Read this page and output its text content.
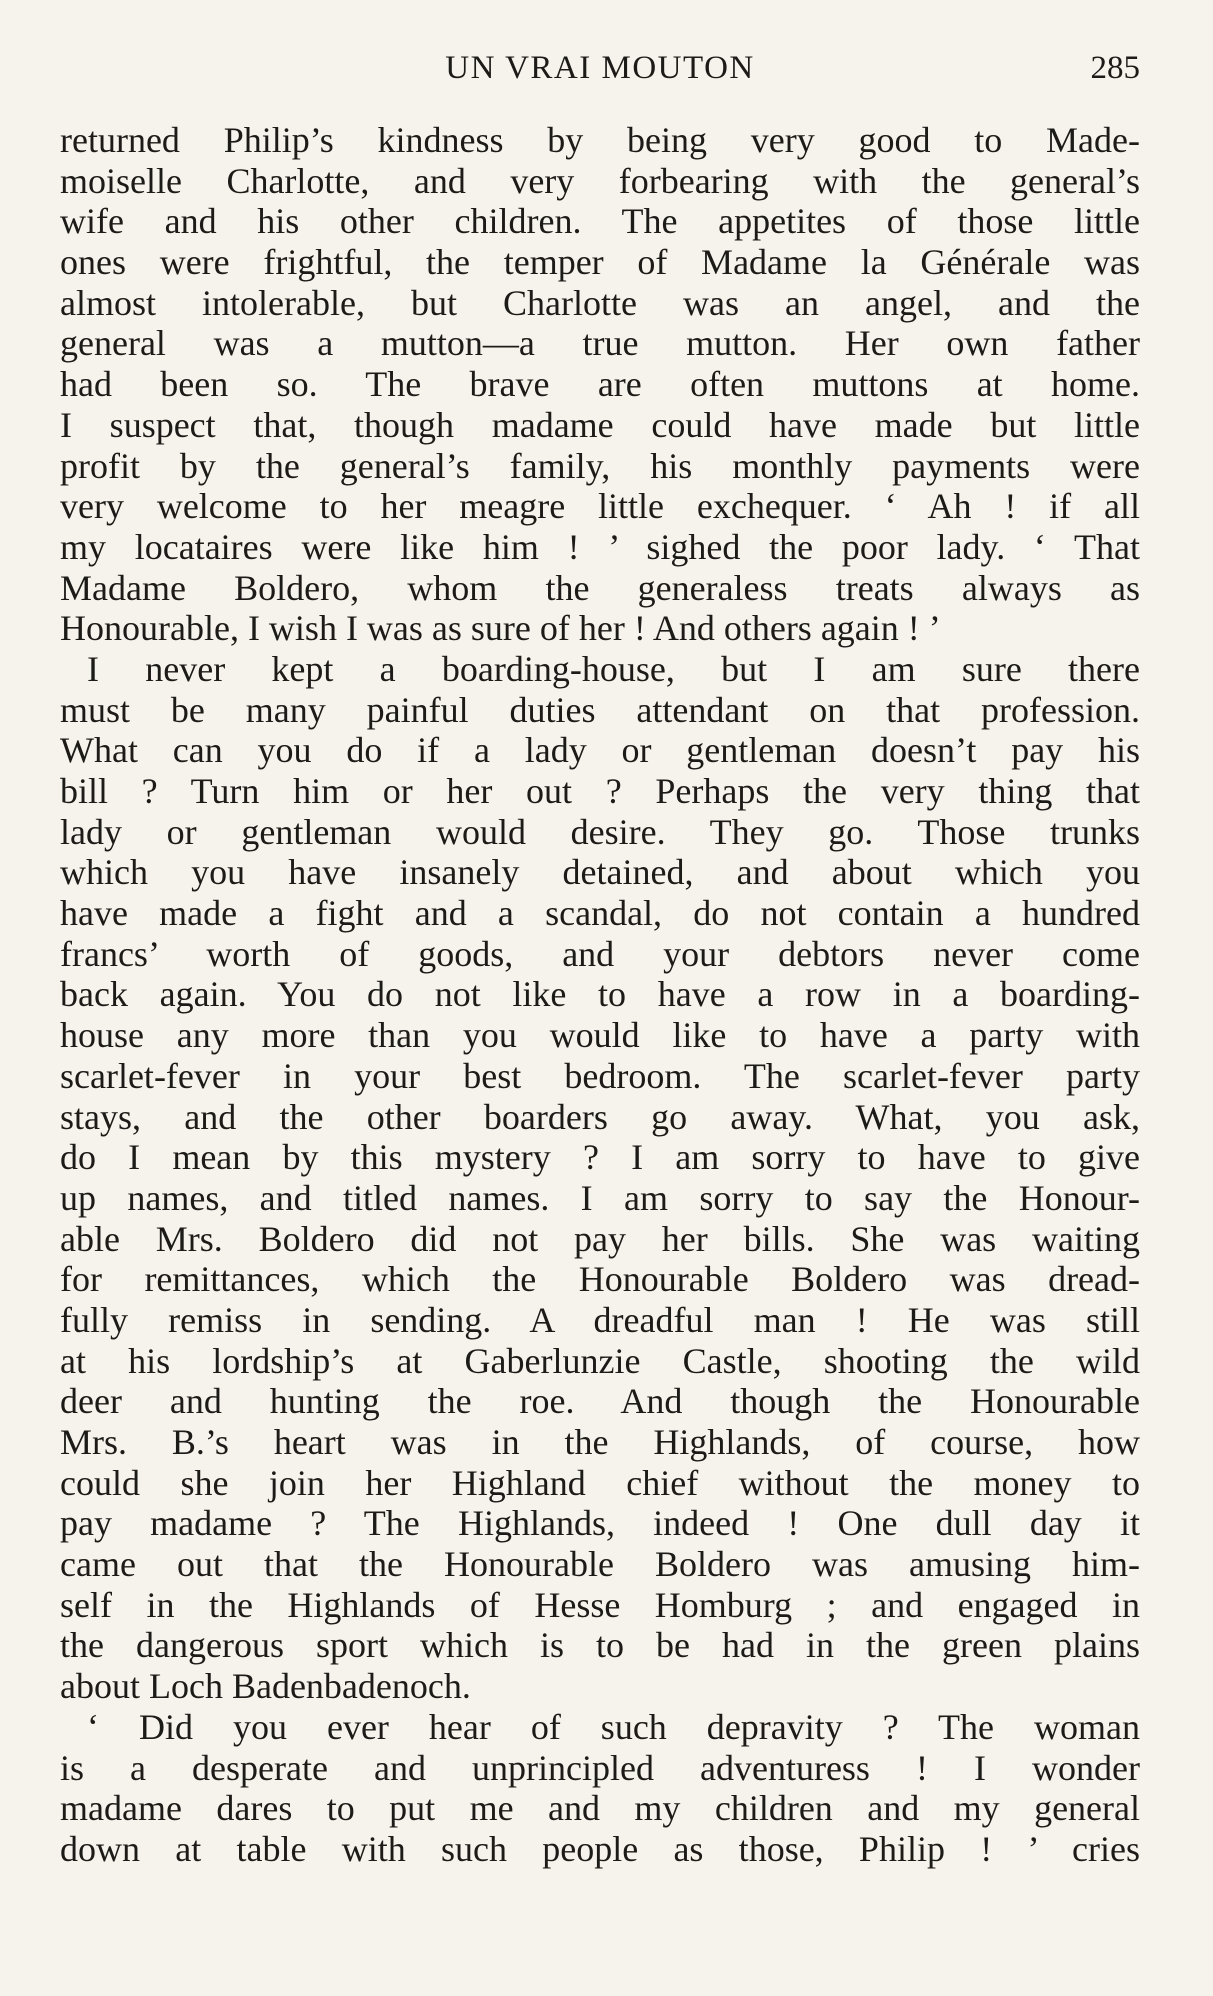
UN VRAI MOUTON	285
returned Philip’s kindness by being very good to Made-
moiselle Charlotte, and very forbearing with the general’s
wife and his other children. The appetites of those little
ones were frightful, the temper of Madame la Générale was
almost intolerable, but Charlotte was an angel, and the
general was a mutton—a true mutton. Her own father
had been so. The brave are often muttons at home.
I suspect that, though madame could have made but little
profit by the general’s family, his monthly payments were
very welcome to her meagre little exchequer. ‘ Ah ! if all
my locataires were like him ! ’ sighed the poor lady. ‘ That
Madame Boldero, whom the generaless treats always as
Honourable, I wish I was as sure of her ! And others again ! ’
I never kept a boarding-house, but I am sure there
must be many painful duties attendant on that profession.
What can you do if a lady or gentleman doesn’t pay his
bill ? Turn him or her out ? Perhaps the very thing that
lady or gentleman would desire. They go. Those trunks
which you have insanely detained, and about which you
have made a fight and a scandal, do not contain a hundred
francs’ worth of goods, and your debtors never come
back again. You do not like to have a row in a boarding-
house any more than you would like to have a party with
scarlet-fever in your best bedroom. The scarlet-fever party
stays, and the other boarders go away. What, you ask,
do I mean by this mystery ? I am sorry to have to give
up names, and titled names. I am sorry to say the Honour-
able Mrs. Boldero did not pay her bills. She was waiting
for remittances, which the Honourable Boldero was dread-
fully remiss in sending. A dreadful man ! He was still
at his lordship’s at Gaberlunzie Castle, shooting the wild
deer and hunting the roe. And though the Honourable
Mrs. B.’s heart was in the Highlands, of course, how
could she join her Highland chief without the money to
pay madame ? The Highlands, indeed ! One dull day it
came out that the Honourable Boldero was amusing him-
self in the Highlands of Hesse Homburg ; and engaged in
the dangerous sport which is to be had in the green plains
about Loch Badenbadenoch.
‘ Did you ever hear of such depravity ? The woman
is a desperate and unprincipled adventuress ! I wonder
madame dares to put me and my children and my general
down at table with such people as those, Philip ! ’ cries
